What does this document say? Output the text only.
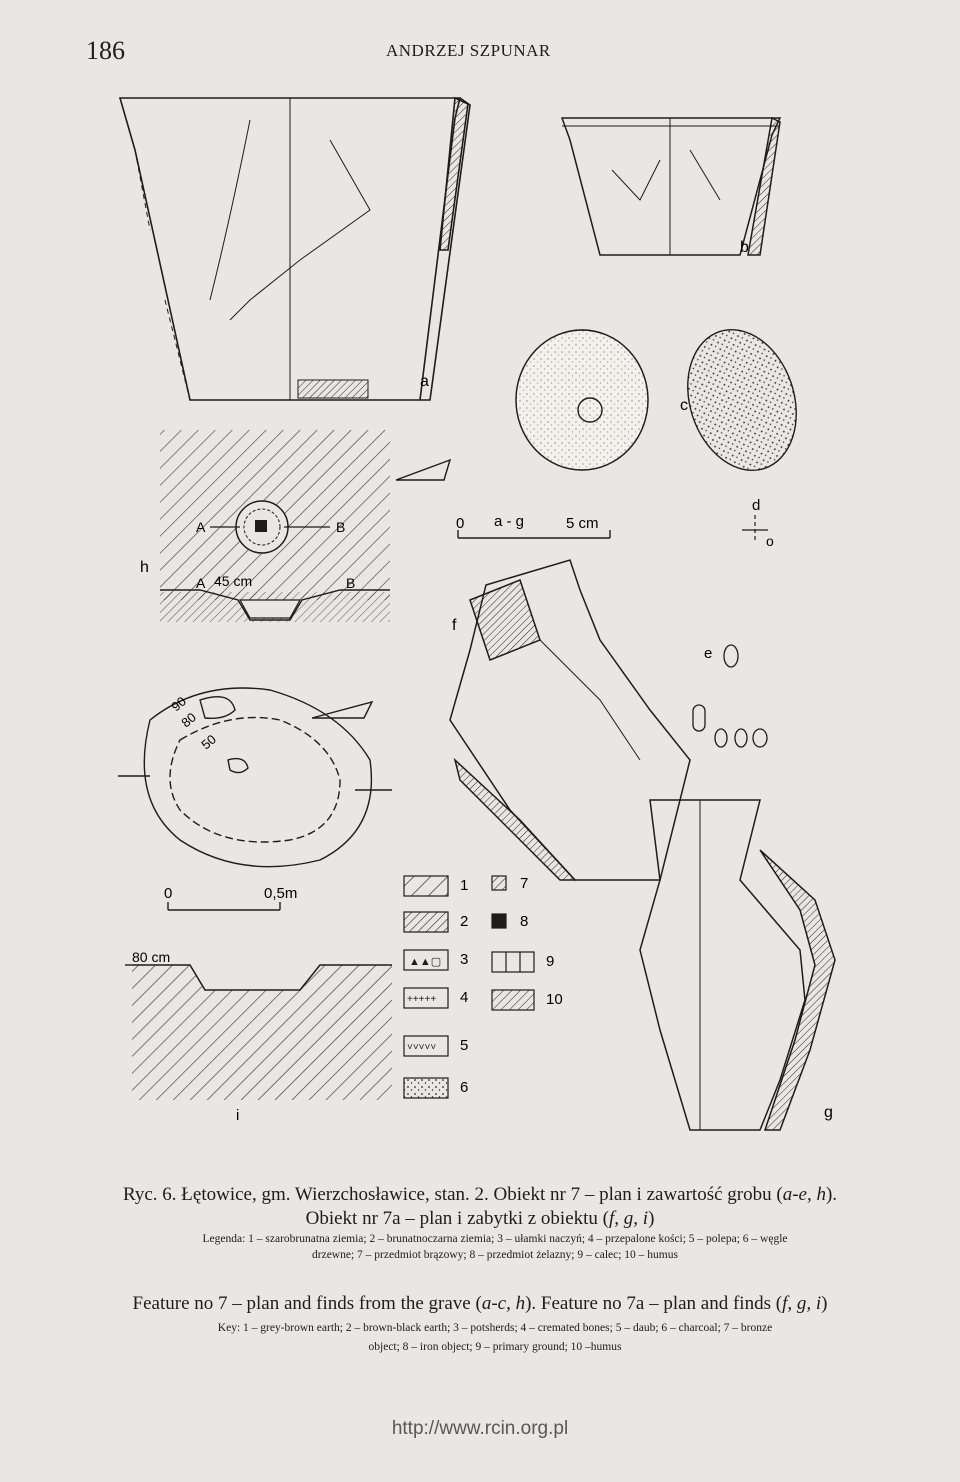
186	ANDRZEJ SZPUNAR
a
b
c
0 a - g	5 cm
d
o
e
f
g
A	B
A 45 cm	B
h
90
80
50
0	0,5m
80 cm
i
▲▲▢
+++++
˅˅˅˅˅
1
2
3
4
5
6
7
8
9
10
Ryc. 6. Łętowice, gm. Wierzchosławice, stan. 2. Obiekt nr 7 – plan i zawartość grobu (a-e, h).
Obiekt nr 7a – plan i zabytki z obiektu (f, g, i)
Legenda: 1 – szarobrunatna ziemia; 2 – brunatnoczarna ziemia; 3 – ułamki naczyń; 4 – przepalone kości; 5 – polepa; 6 – węgle
drzewne; 7 – przedmiot brązowy; 8 – przedmiot żelazny; 9 – calec; 10 – humus
Feature no 7 – plan and finds from the grave (a-c, h). Feature no 7a – plan and finds (f, g, i)
Key: 1 – grey-brown earth; 2 – brown-black earth; 3 – potsherds; 4 – cremated bones; 5 – daub; 6 – charcoal; 7 – bronze
object; 8 – iron object; 9 – primary ground; 10 –humus
http://www.rcin.org.pl
